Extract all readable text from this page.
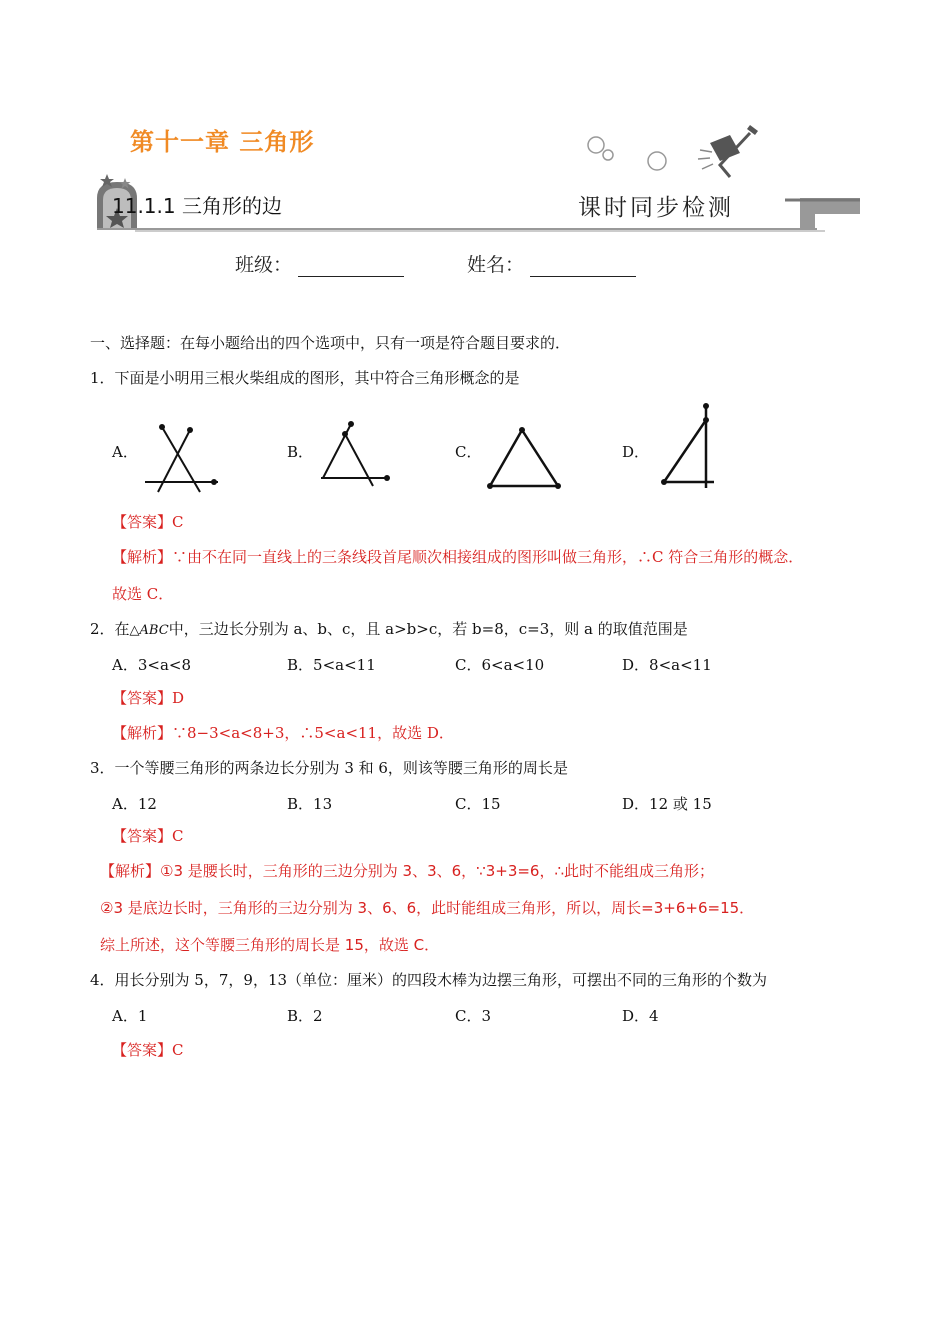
第十一章 三角形
11.1.1 三角形的边	课时同步检测
班级：	姓名：
一、选择题：在每小题给出的四个选项中，只有一项是符合题目要求的．
1．下面是小明用三根火柴组成的图形，其中符合三角形概念的是
A．	B．	C．	D．
【答案】C
【解析】∵由不在同一直线上的三条线段首尾顺次相接组成的图形叫做三角形，∴C 符合三角形的概念．
故选 C．
2．在△ABC中，三边长分别为 a、b、c，且 a>b>c，若 b=8，c=3，则 a 的取值范围是
A．3<a<8	B．5<a<11	C．6<a<10	D．8<a<11
【答案】D
【解析】∵8−3<a<8+3，∴5<a<11，故选 D．
3．一个等腰三角形的两条边长分别为 3 和 6，则该等腰三角形的周长是
A．12	B．13	C．15	D．12 或 15
【答案】C
【解析】①3 是腰长时，三角形的三边分别为 3、3、6，∵3+3=6，∴此时不能组成三角形；
②3 是底边长时，三角形的三边分别为 3、6、6，此时能组成三角形，所以，周长=3+6+6=15．
综上所述，这个等腰三角形的周长是 15，故选 C．
4．用长分别为 5，7，9，13（单位：厘米）的四段木棒为边摆三角形，可摆出不同的三角形的个数为
A．1	B．2	C．3	D．4
【答案】C
